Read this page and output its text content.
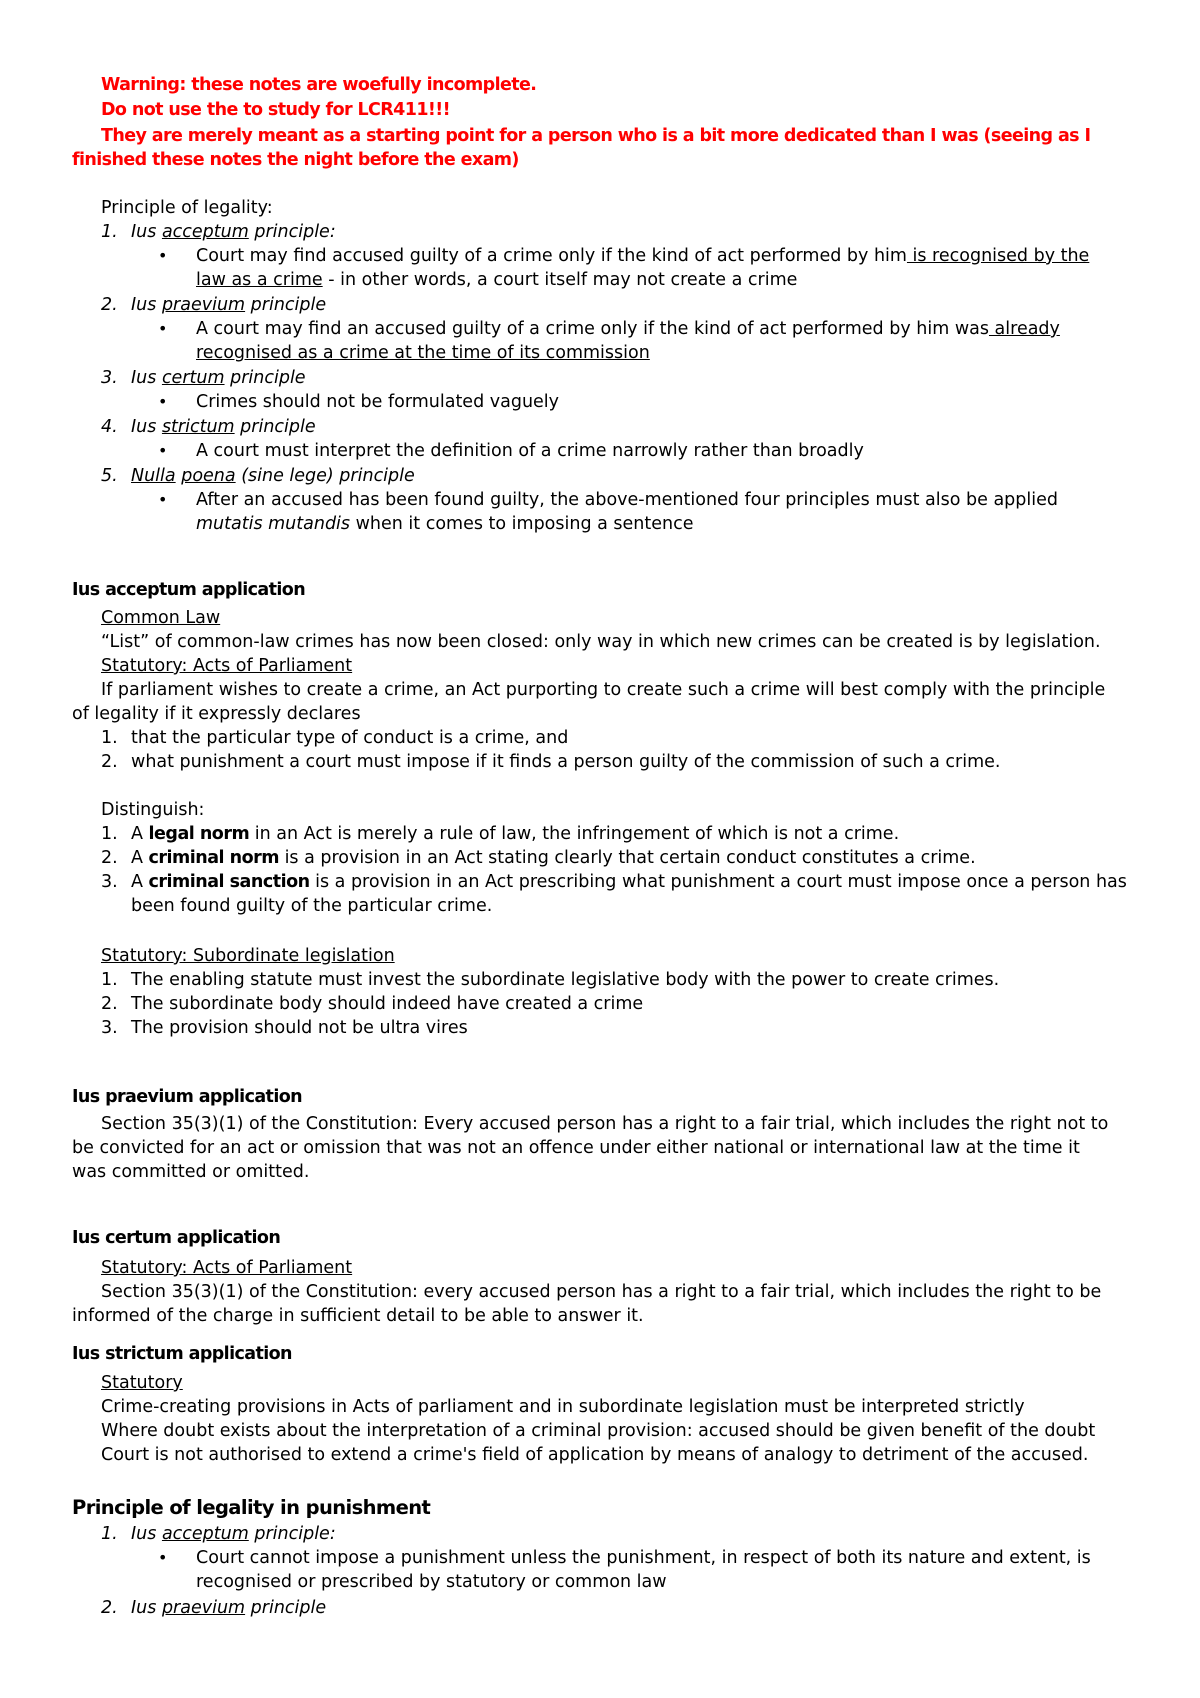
Warning: these notes are woefully incomplete.
Do not use the to study for LCR411!!!
They are merely meant as a starting point for a person who is a bit more dedicated than I was (seeing as I
finished these notes the night before the exam)
Principle of legality:
1. Ius acceptum principle:
• Court may find accused guilty of a crime only if the kind of act performed by him is recognised by the
law as a crime - in other words, a court itself may not create a crime
2. Ius praevium principle
• A court may find an accused guilty of a crime only if the kind of act performed by him was already
recognised as a crime at the time of its commission
3. Ius certum principle
• Crimes should not be formulated vaguely
4. Ius strictum principle
• A court must interpret the definition of a crime narrowly rather than broadly
5. Nulla poena (sine lege) principle
• After an accused has been found guilty, the above-mentioned four principles must also be applied
mutatis mutandis when it comes to imposing a sentence
Ius acceptum application
Common Law
“List” of common-law crimes has now been closed: only way in which new crimes can be created is by legislation.
Statutory: Acts of Parliament
If parliament wishes to create a crime, an Act purporting to create such a crime will best comply with the principle
of legality if it expressly declares
1. that the particular type of conduct is a crime, and
2. what punishment a court must impose if it finds a person guilty of the commission of such a crime.
Distinguish:
1. A legal norm in an Act is merely a rule of law, the infringement of which is not a crime.
2. A criminal norm is a provision in an Act stating clearly that certain conduct constitutes a crime.
3. A criminal sanction is a provision in an Act prescribing what punishment a court must impose once a person has
been found guilty of the particular crime.
Statutory: Subordinate legislation
1. The enabling statute must invest the subordinate legislative body with the power to create crimes.
2. The subordinate body should indeed have created a crime
3. The provision should not be ultra vires
Ius praevium application
Section 35(3)(1) of the Constitution: Every accused person has a right to a fair trial, which includes the right not to
be convicted for an act or omission that was not an offence under either national or international law at the time it
was committed or omitted.
Ius certum application
Statutory: Acts of Parliament
Section 35(3)(1) of the Constitution: every accused person has a right to a fair trial, which includes the right to be
informed of the charge in sufficient detail to be able to answer it.
Ius strictum application
Statutory
Crime-creating provisions in Acts of parliament and in subordinate legislation must be interpreted strictly
Where doubt exists about the interpretation of a criminal provision: accused should be given benefit of the doubt
Court is not authorised to extend a crime's field of application by means of analogy to detriment of the accused.
Principle of legality in punishment
1. Ius acceptum principle:
• Court cannot impose a punishment unless the punishment, in respect of both its nature and extent, is
recognised or prescribed by statutory or common law
2. Ius praevium principle
